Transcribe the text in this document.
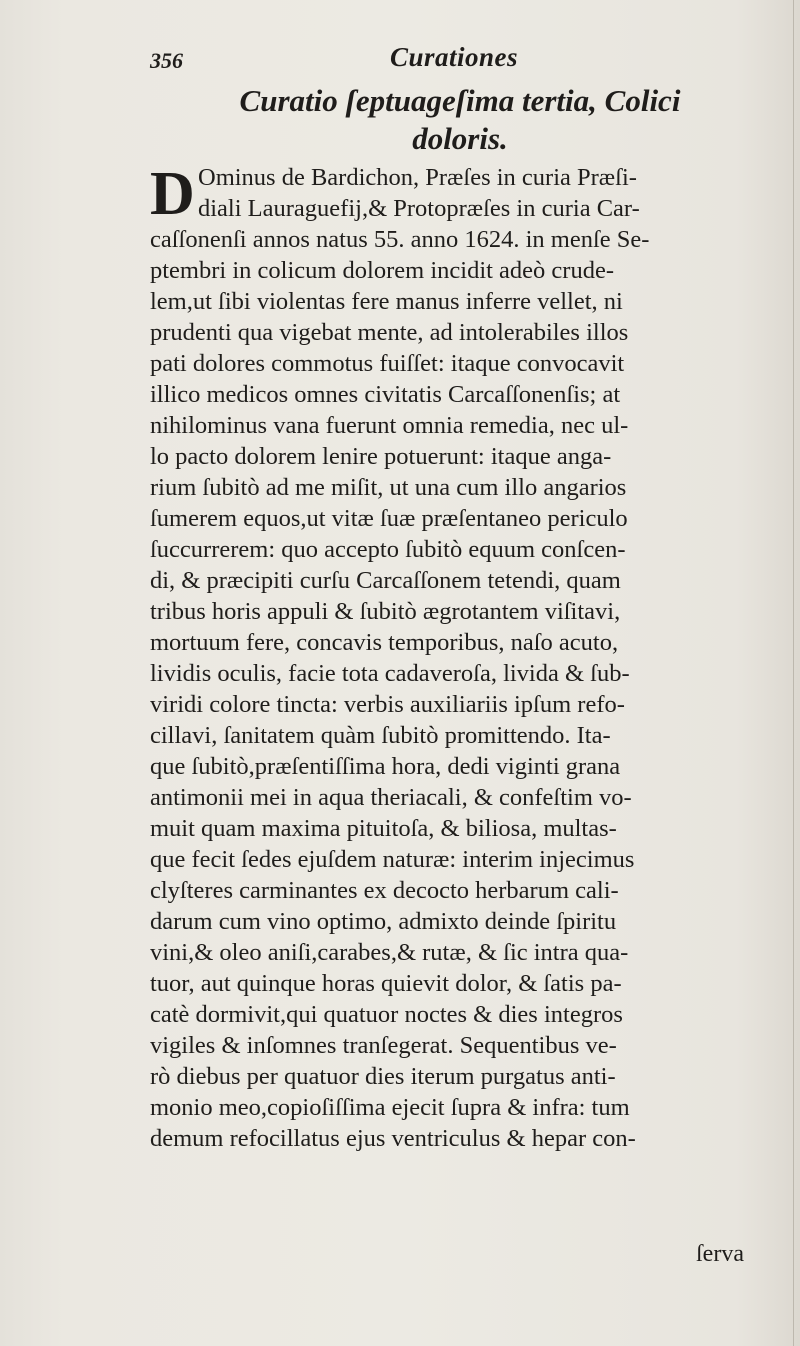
356	Curationes
Curatio ſeptuageſima tertia, Colici
doloris.
D Ominus de Bardichon, Præſes in curia Præſi-
diali Lauraguefij,& Protopræſes in curia Car-
caſſonenſi annos natus 55. anno 1624. in menſe Se-
ptembri in colicum dolorem incidit adeò crude-
lem,ut ſibi violentas fere manus inferre vellet, ni
prudenti qua vigebat mente, ad intolerabiles illos
pati dolores commotus fuiſſet: itaque convocavit
illico medicos omnes civitatis Carcaſſonenſis; at
nihilominus vana fuerunt omnia remedia, nec ul-
lo pacto dolorem lenire potuerunt: itaque anga-
rium ſubitò ad me miſit, ut una cum illo angarios
ſumerem equos,ut vitæ ſuæ præſentaneo periculo
ſuccurrerem: quo accepto ſubitò equum conſcen-
di, & præcipiti curſu Carcaſſonem tetendi, quam
tribus horis appuli & ſubitò ægrotantem viſitavi,
mortuum fere, concavis temporibus, naſo acuto,
lividis oculis, facie tota cadaveroſa, livida & ſub-
viridi colore tincta: verbis auxiliariis ipſum refo-
cillavi, ſanitatem quàm ſubitò promittendo. Ita-
que ſubitò,præſentiſſima hora, dedi viginti grana
antimonii mei in aqua theriacali, & confeſtim vo-
muit quam maxima pituitoſa, & biliosa, multas-
que fecit ſedes ejuſdem naturæ: interim injecimus
clyſteres carminantes ex decocto herbarum cali-
darum cum vino optimo, admixto deinde ſpiritu
vini,& oleo aniſi,carabes,& rutæ, & ſic intra qua-
tuor, aut quinque horas quievit dolor, & ſatis pa-
catè dormivit,qui quatuor noctes & dies integros
vigiles & inſomnes tranſegerat. Sequentibus ve-
rò diebus per quatuor dies iterum purgatus anti-
monio meo,copioſiſſima ejecit ſupra & infra: tum
demum refocillatus ejus ventriculus & hepar con-
ſerva
